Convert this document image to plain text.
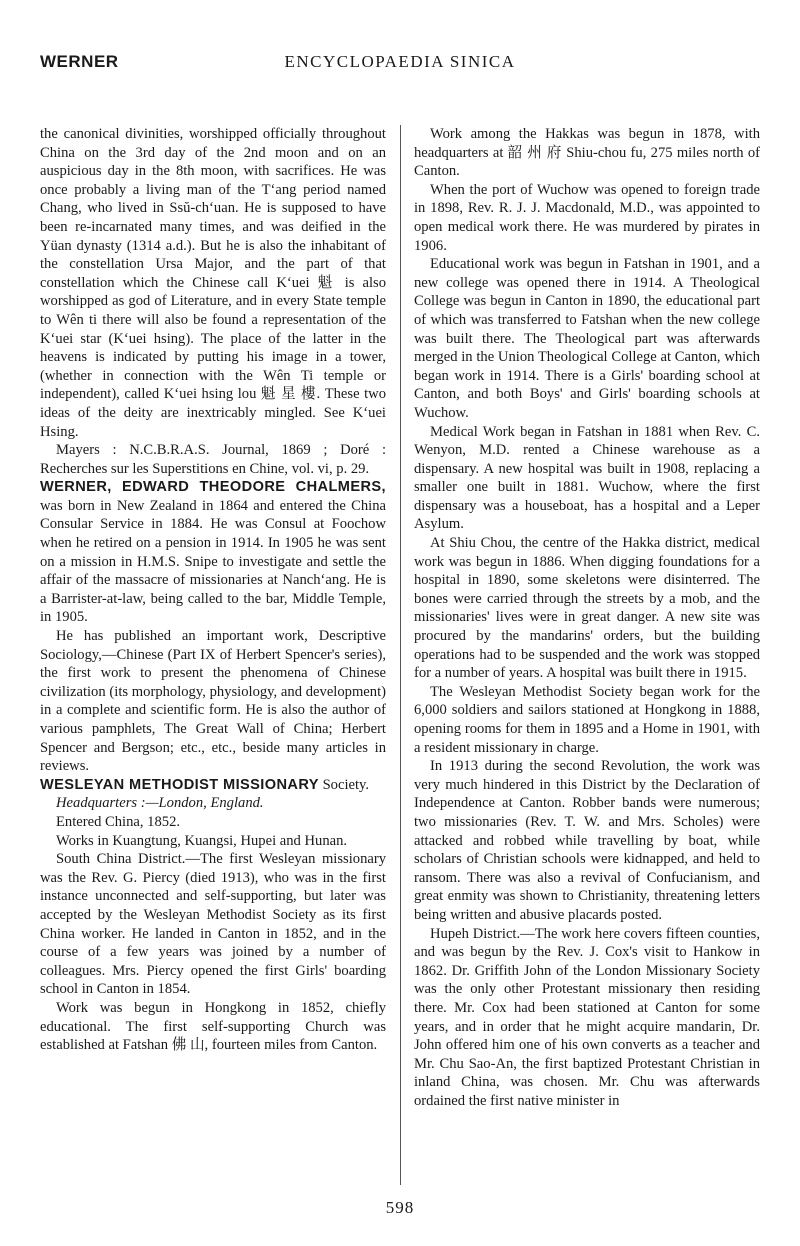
WERNER	ENCYCLOPAEDIA SINICA

the canonical divinities, worshipped officially throughout China on the 3rd day of the 2nd moon and on an auspicious day in the 8th moon, with sacrifices. He was once probably a living man of the T‘ang period named Chang, who lived in Ssŭ-ch‘uan. He is supposed to have been re-incarnated many times, and was deified in the Yüan dynasty (1314 a.d.). But he is also the inhabitant of the constellation Ursa Major, and the part of that constellation which the Chinese call K‘uei 魁 is also worshipped as god of Literature, and in every State temple to Wên ti there will also be found a representation of the K‘uei star (K‘uei hsing). The place of the latter in the heavens is indicated by putting his image in a tower, (whether in connection with the Wên Ti temple or independent), called K‘uei hsing lou 魁 星 樓. These two ideas of the deity are inextricably mingled. See K‘uei Hsing.

Mayers : N.C.B.R.A.S. Journal, 1869 ; Doré : Recherches sur les Superstitions en Chine, vol. vi, p. 29.

WERNER, EDWARD THEODORE CHALMERS, was born in New Zealand in 1864 and entered the China Consular Service in 1884. He was Consul at Foochow when he retired on a pension in 1914. In 1905 he was sent on a mission in H.M.S. Snipe to investigate and settle the affair of the massacre of missionaries at Nanch‘ang. He is a Barrister-at-law, being called to the bar, Middle Temple, in 1905.

He has published an important work, Descriptive Sociology,—Chinese (Part IX of Herbert Spencer's series), the first work to present the phenomena of Chinese civilization (its morphology, physiology, and development) in a complete and scientific form. He is also the author of various pamphlets, The Great Wall of China; Herbert Spencer and Bergson; etc., etc., beside many articles in reviews.

WESLEYAN METHODIST MISSIONARY Society.

Headquarters :—London, England.

Entered China, 1852.

Works in Kuangtung, Kuangsi, Hupei and Hunan.

South China District.—The first Wesleyan missionary was the Rev. G. Piercy (died 1913), who was in the first instance unconnected and self-supporting, but later was accepted by the Wesleyan Methodist Society as its first China worker. He landed in Canton in 1852, and in the course of a few years was joined by a number of colleagues. Mrs. Piercy opened the first Girls' boarding school in Canton in 1854.

Work was begun in Hongkong in 1852, chiefly educational. The first self-supporting Church was established at Fatshan 佛 山, fourteen miles from Canton.

Work among the Hakkas was begun in 1878, with headquarters at 韶 州 府 Shiu-chou fu, 275 miles north of Canton.

When the port of Wuchow was opened to foreign trade in 1898, Rev. R. J. J. Macdonald, M.D., was appointed to open medical work there. He was murdered by pirates in 1906.

Educational work was begun in Fatshan in 1901, and a new college was opened there in 1914. A Theological College was begun in Canton in 1890, the educational part of which was transferred to Fatshan when the new college was built there. The Theological part was afterwards merged in the Union Theological College at Canton, which began work in 1914. There is a Girls' boarding school at Canton, and both Boys' and Girls' boarding schools at Wuchow.

Medical Work began in Fatshan in 1881 when Rev. C. Wenyon, M.D. rented a Chinese warehouse as a dispensary. A new hospital was built in 1908, replacing a smaller one built in 1881. Wuchow, where the first dispensary was a houseboat, has a hospital and a Leper Asylum.

At Shiu Chou, the centre of the Hakka district, medical work was begun in 1886. When digging foundations for a hospital in 1890, some skeletons were disinterred. The bones were carried through the streets by a mob, and the missionaries' lives were in great danger. A new site was procured by the mandarins' orders, but the building operations had to be suspended and the work was stopped for a number of years. A hospital was built there in 1915.

The Wesleyan Methodist Society began work for the 6,000 soldiers and sailors stationed at Hongkong in 1888, opening rooms for them in 1895 and a Home in 1901, with a resident missionary in charge.

In 1913 during the second Revolution, the work was very much hindered in this District by the Declaration of Independence at Canton. Robber bands were numerous; two missionaries (Rev. T. W. and Mrs. Scholes) were attacked and robbed while travelling by boat, while scholars of Christian schools were kidnapped, and held to ransom. There was also a revival of Confucianism, and great enmity was shown to Christianity, threatening letters being written and abusive placards posted.

Hupeh District.—The work here covers fifteen counties, and was begun by the Rev. J. Cox's visit to Hankow in 1862. Dr. Griffith John of the London Missionary Society was the only other Protestant missionary then residing there. Mr. Cox had been stationed at Canton for some years, and in order that he might acquire mandarin, Dr. John offered him one of his own converts as a teacher and Mr. Chu Sao-An, the first baptized Protestant Christian in inland China, was chosen. Mr. Chu was afterwards ordained the first native minister in

598
